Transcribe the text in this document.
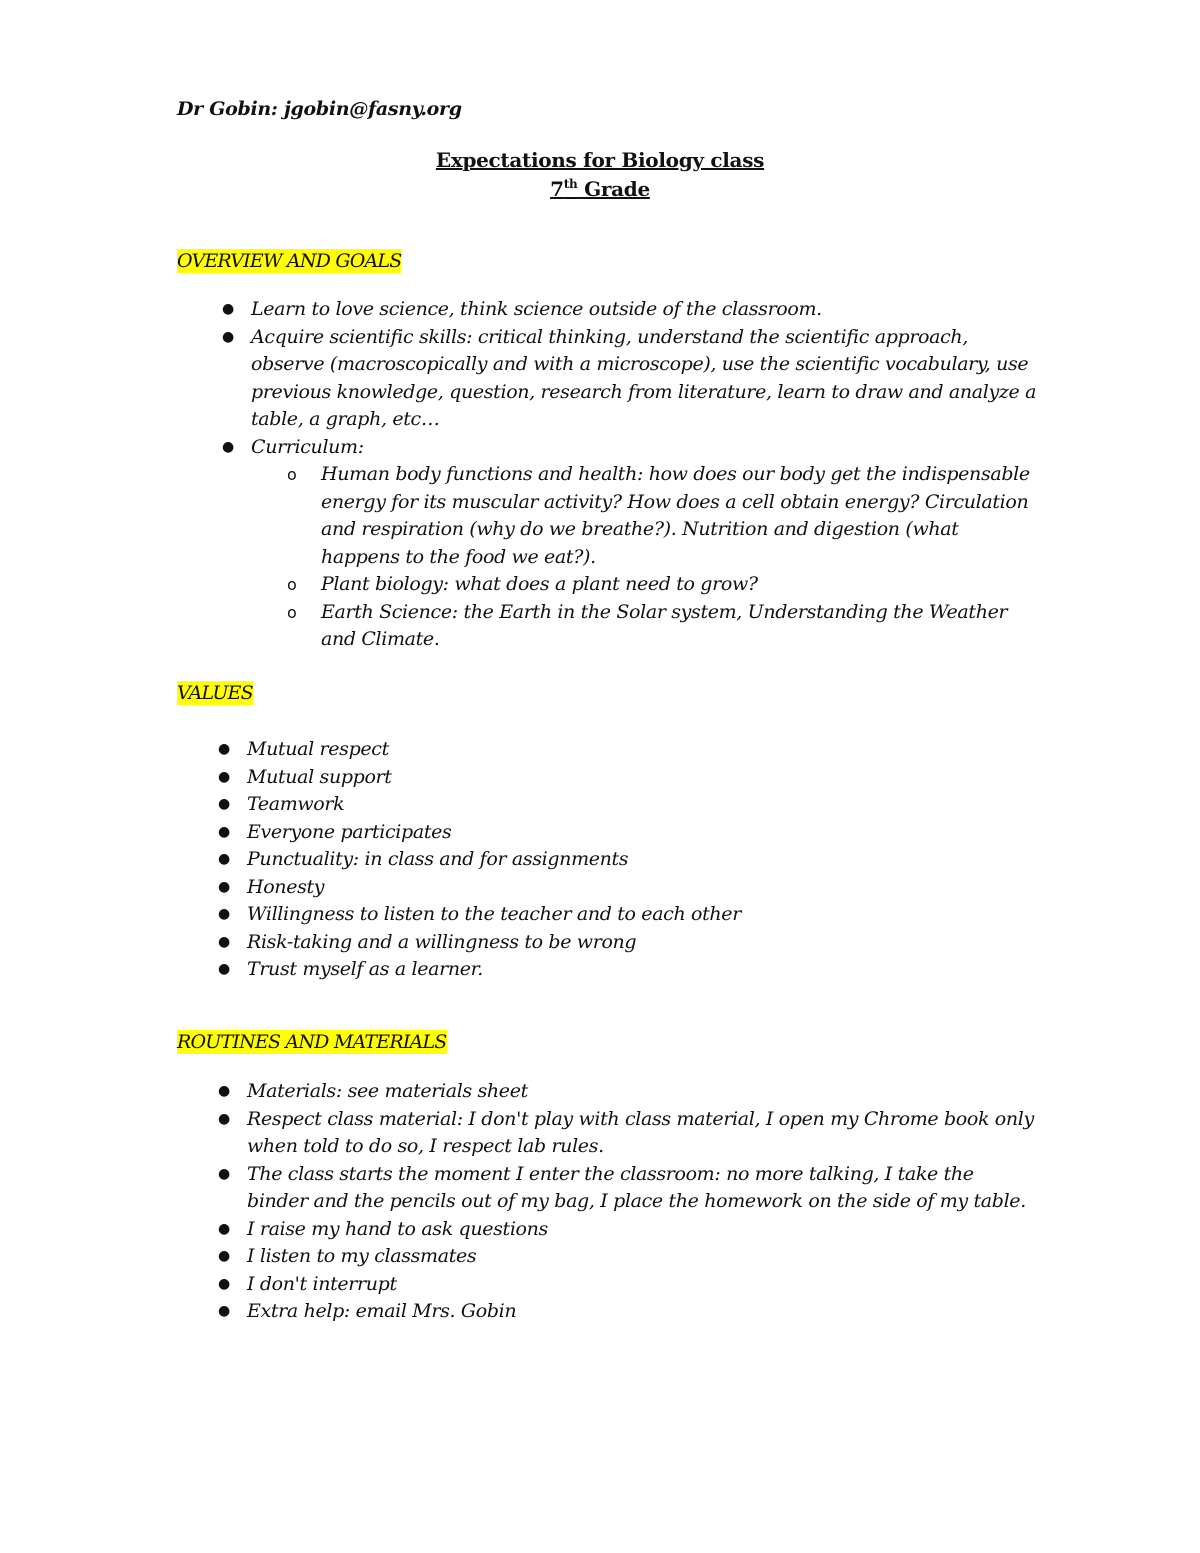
Dr Gobin: jgobin@fasny.org
Expectations for Biology class
7th Grade
OVERVIEW AND GOALS
● Learn to love science, think science outside of the classroom.
● Acquire scientific skills: critical thinking, understand the scientific approach, observe (macroscopically and with a microscope), use the scientific vocabulary, use previous knowledge, question, research from literature, learn to draw and analyze a table, a graph, etc…
● Curriculum:
o Human body functions and health: how does our body get the indispensable energy for its muscular activity? How does a cell obtain energy? Circulation and respiration (why do we breathe?). Nutrition and digestion (what happens to the food we eat?).
o Plant biology: what does a plant need to grow?
o Earth Science: the Earth in the Solar system, Understanding the Weather and Climate.
VALUES
● Mutual respect
● Mutual support
● Teamwork
● Everyone participates
● Punctuality: in class and for assignments
● Honesty
● Willingness to listen to the teacher and to each other
● Risk-taking and a willingness to be wrong
● Trust myself as a learner.
ROUTINES AND MATERIALS
● Materials: see materials sheet
● Respect class material: I don't play with class material, I open my Chrome book only when told to do so, I respect lab rules.
● The class starts the moment I enter the classroom: no more talking, I take the binder and the pencils out of my bag, I place the homework on the side of my table.
● I raise my hand to ask questions
● I listen to my classmates
● I don't interrupt
● Extra help: email Mrs. Gobin
